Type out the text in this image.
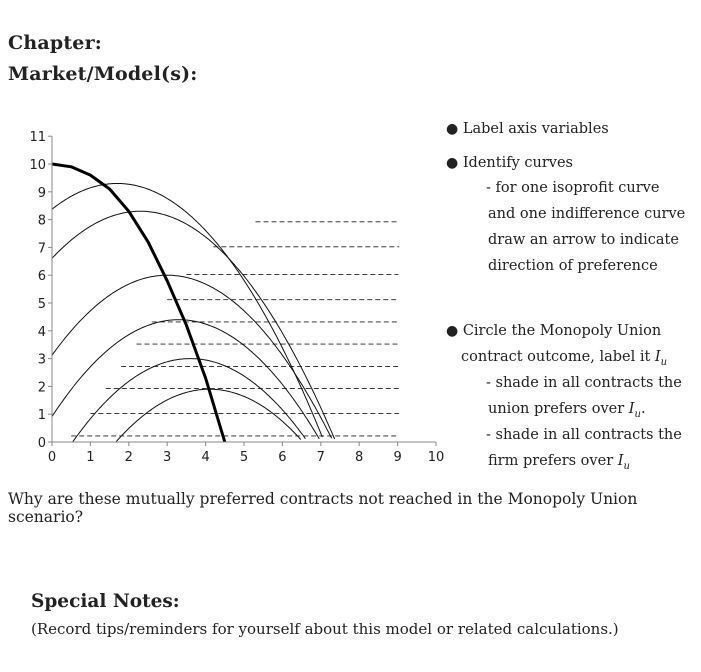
Chapter:
Market/Model(s):
0 1 2 3 4 5 6 7 8 9 10
0
1
2
3
4
5
6
7
8
9
10
11
● Label axis variables
● Identify curves
- for one isoprofit curve
and one indifference curve
draw an arrow to indicate
direction of preference
● Circle the Monopoly Union
contract outcome, label it $I_u$
- shade in all contracts the
union prefers over $I_u$.
- shade in all contracts the
firm prefers over $I_u$
Why are these mutually preferred contracts not reached in the Monopoly Union scenario?
Special Notes:
(Record tips/reminders for yourself about this model or related calculations.)
